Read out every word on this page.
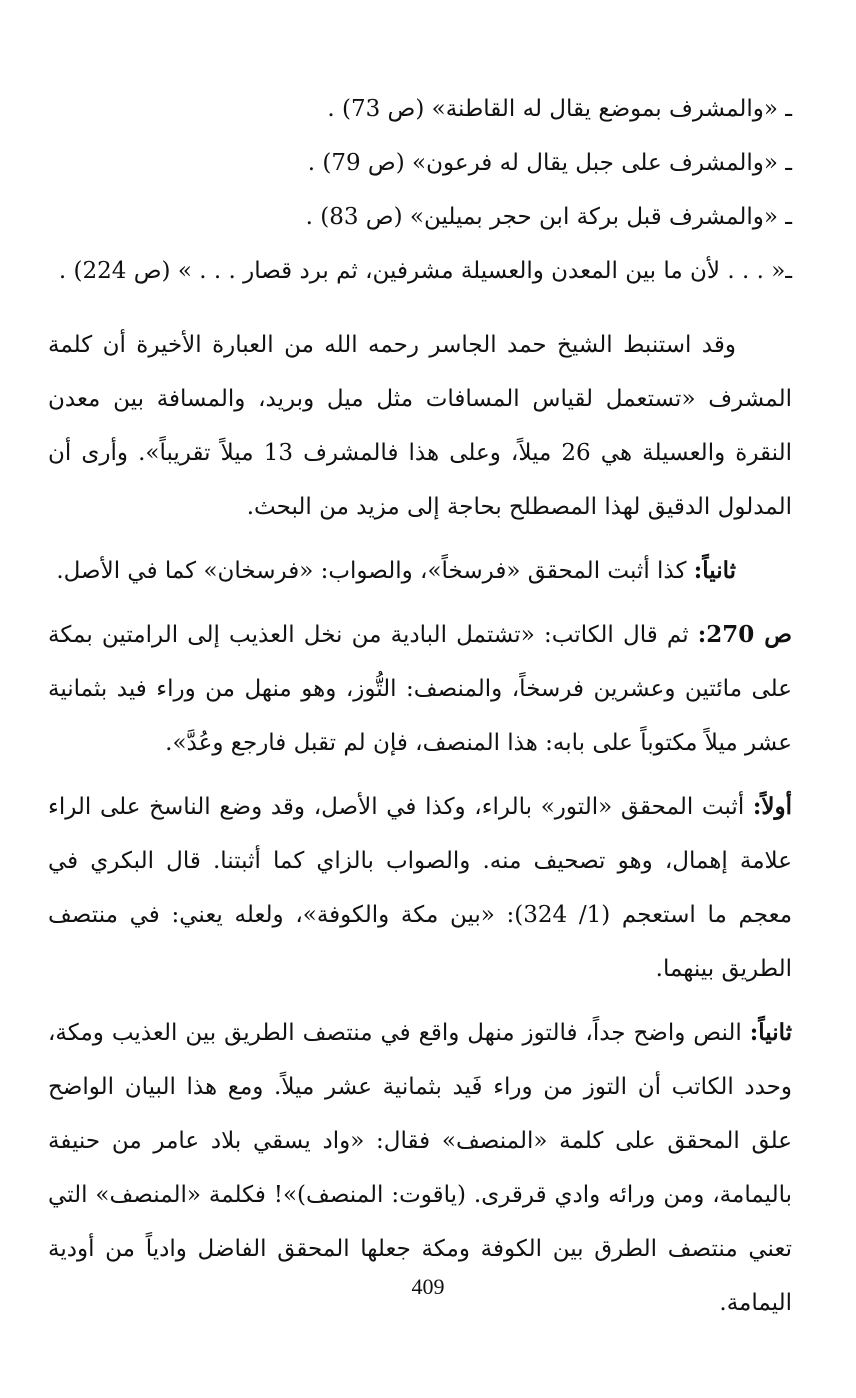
ـ «والمشرف بموضع يقال له القاطنة» (ص 73) .
ـ «والمشرف على جبل يقال له فرعون» (ص 79) .
ـ «والمشرف قبل بركة ابن حجر بميلين» (ص 83) .
ـ« . . . لأن ما بين المعدن والعسيلة مشرفين، ثم برد قصار . . . » (ص 224) .

وقد استنبط الشيخ حمد الجاسر رحمه الله من العبارة الأخيرة أن كلمة المشرف «تستعمل لقياس المسافات مثل ميل وبريد، والمسافة بين معدن النقرة والعسيلة هي 26 ميلاً، وعلى هذا فالمشرف 13 ميلاً تقريباً». وأرى أن المدلول الدقيق لهذا المصطلح بحاجة إلى مزيد من البحث.

ثانياً: كذا أثبت المحقق «فرسخاً»، والصواب: «فرسخان» كما في الأصل.

ص 270: ثم قال الكاتب: «تشتمل البادية من نخل العذيب إلى الرامتين بمكة على مائتين وعشرين فرسخاً، والمنصف: التُّوز، وهو منهل من وراء فيد بثمانية عشر ميلاً مكتوباً على بابه: هذا المنصف، فإن لم تقبل فارجع وعُدَّ».

أولاً: أثبت المحقق «التور» بالراء، وكذا في الأصل، وقد وضع الناسخ على الراء علامة إهمال، وهو تصحيف منه. والصواب بالزاي كما أثبتنا. قال البكري في معجم ما استعجم (1/ 324): «بين مكة والكوفة»، ولعله يعني: في منتصف الطريق بينهما.

ثانياً: النص واضح جداً، فالتوز منهل واقع في منتصف الطريق بين العذيب ومكة، وحدد الكاتب أن التوز من وراء فَيد بثمانية عشر ميلاً. ومع هذا البيان الواضح علق المحقق على كلمة «المنصف» فقال: «واد يسقي بلاد عامر من حنيفة باليمامة، ومن ورائه وادي قرقرى. (ياقوت: المنصف)»! فكلمة «المنصف» التي تعني منتصف الطرق بين الكوفة ومكة جعلها المحقق الفاضل وادياً من أودية اليمامة.

409
